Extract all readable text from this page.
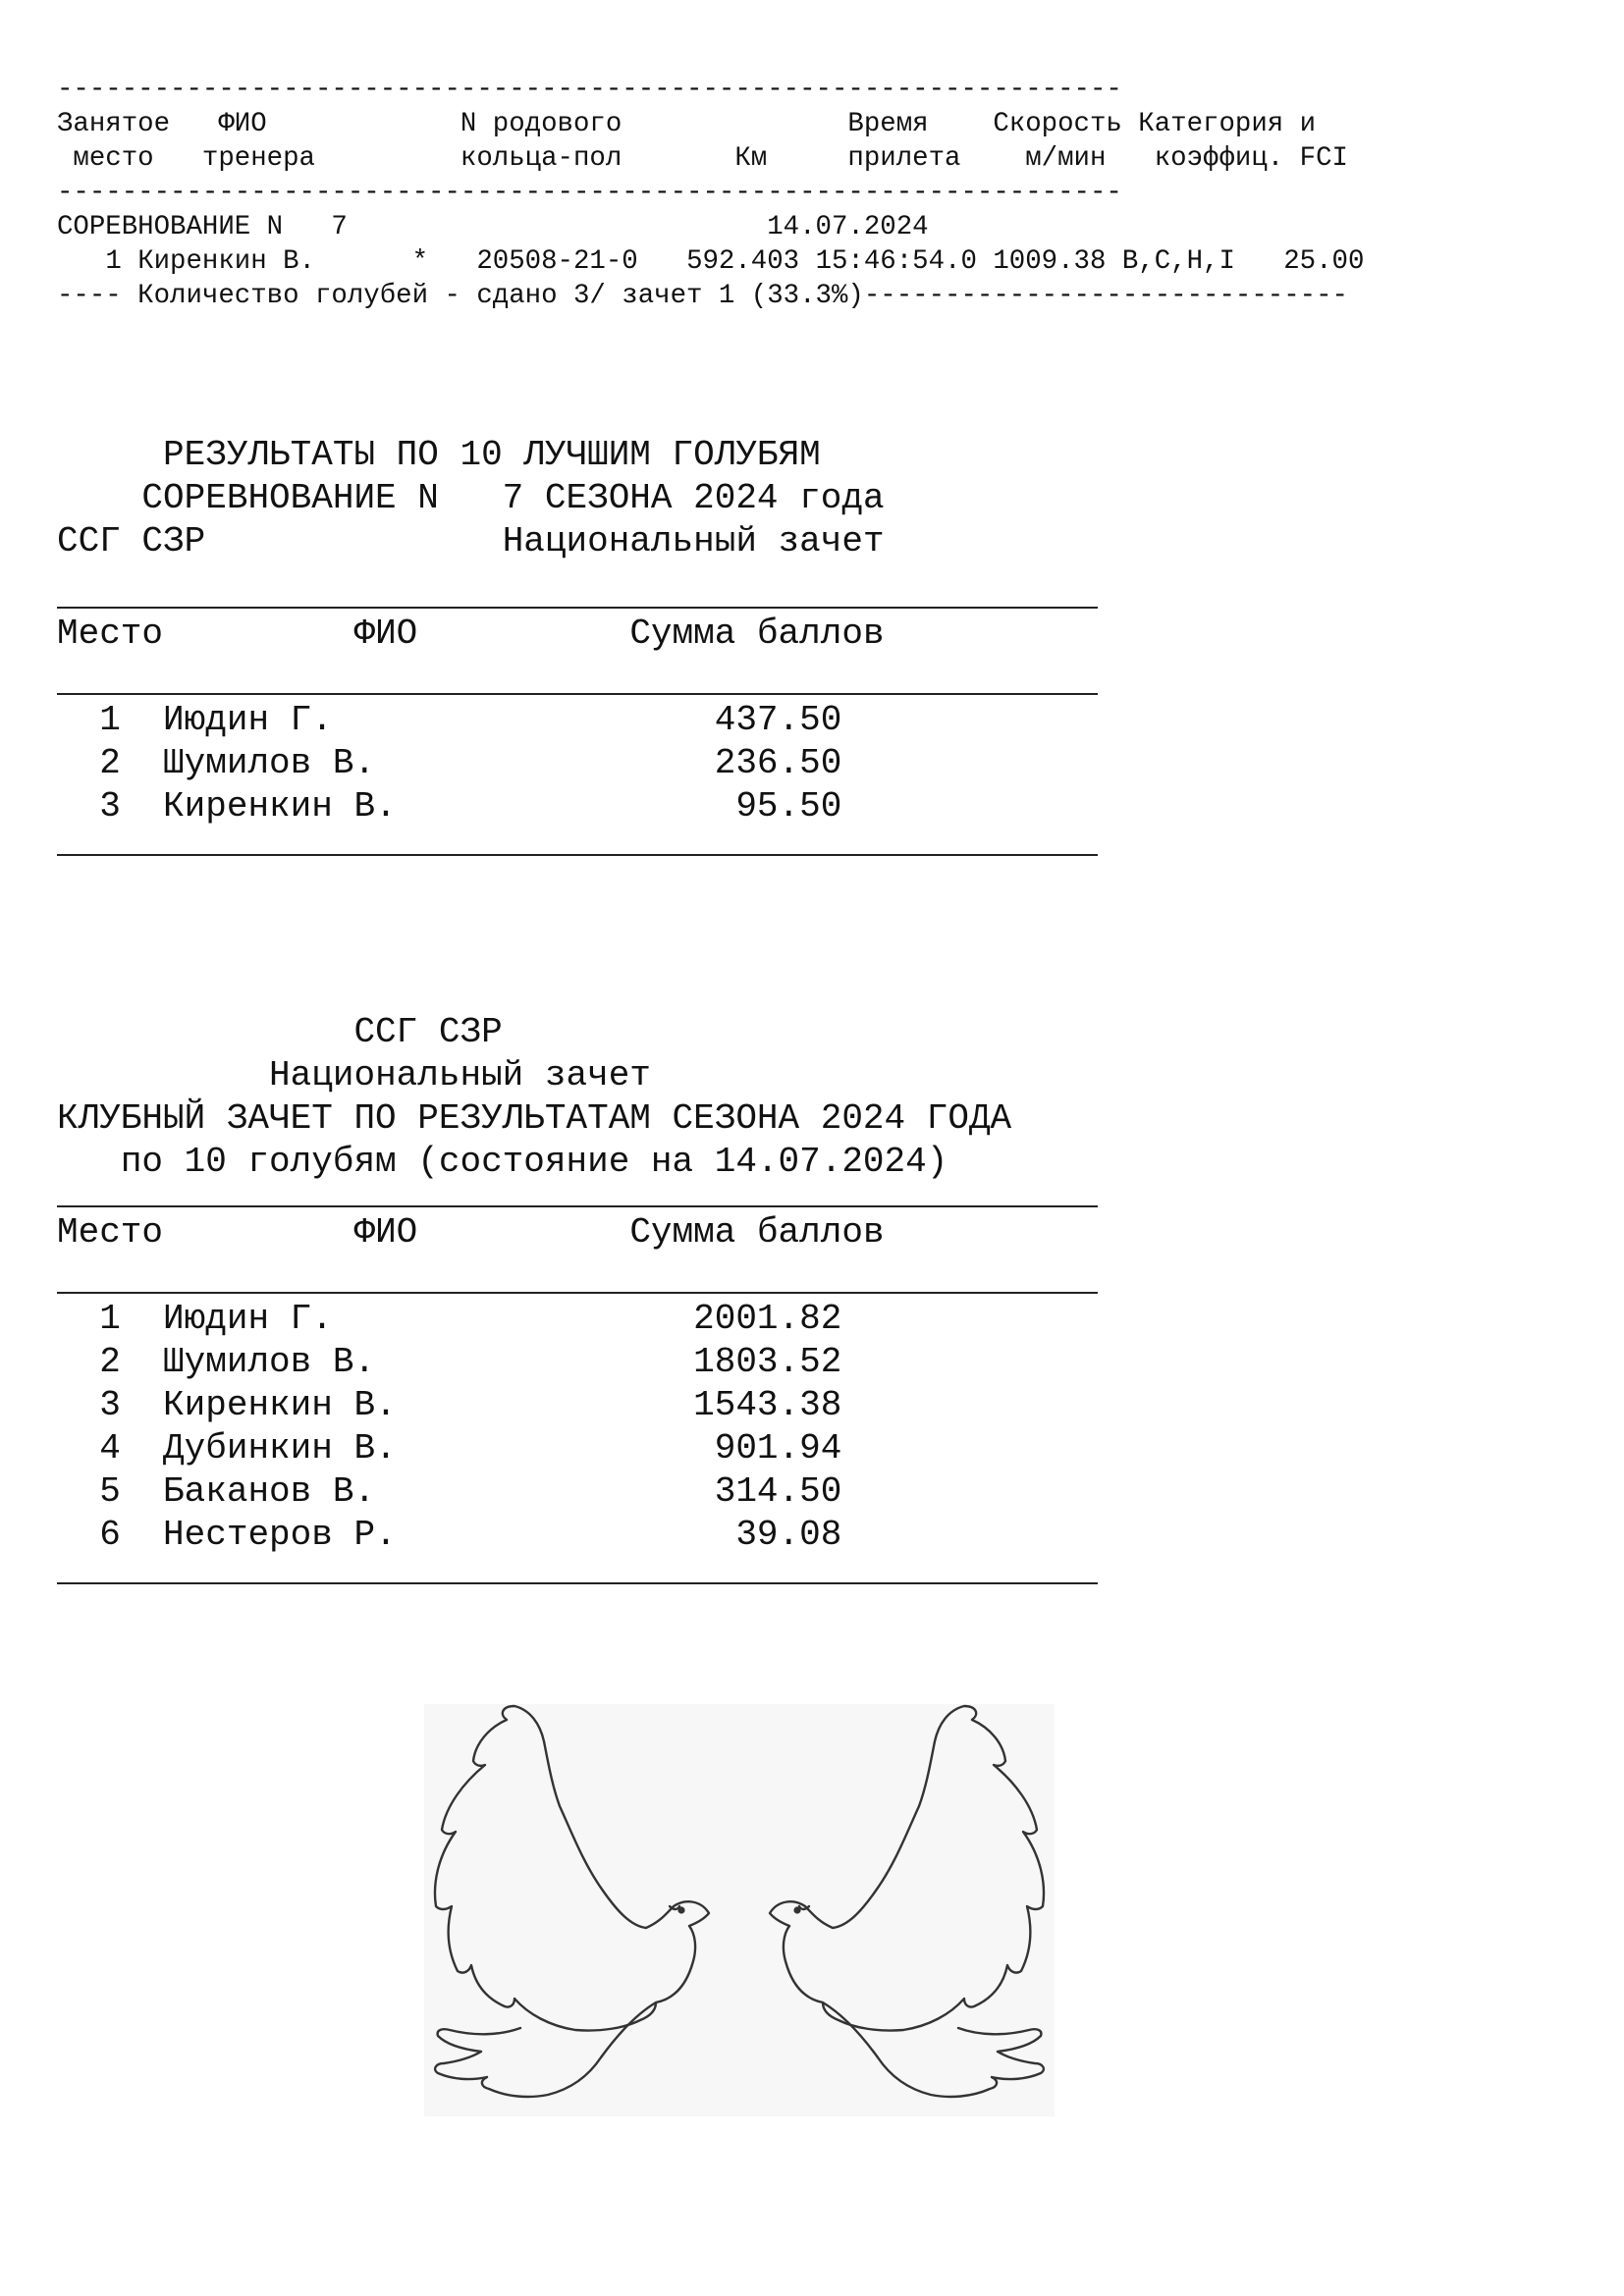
------------------------------------------------------------------
Занятое   ФИО            N родового              Время    Скорость Категория и
место   тренера         кольца-пол       Км     прилета    м/мин   коэффиц. FCI
------------------------------------------------------------------
СОРЕВНОВАНИЕ N   7                          14.07.2024
1 Киренкин В.	* 20508-21-0 592.403 15:46:54.0 1009.38 B,C,H,I 25.00
---- Количество голубей - сдано 3/ зачет 1 (33.3%)------------------------------
РЕЗУЛЬТАТЫ ПО 10 ЛУЧШИМ ГОЛУБЯМ
СОРЕВНОВАНИЕ N   7 СЕЗОНА 2024 года
ССГ СЗР	Национальный зачет
Место	ФИО	Сумма баллов
1  Июдин Г.                  437.50
2  Шумилов В.                236.50
3  Киренкин В.                95.50
ССГ СЗР
Национальный зачет
КЛУБНЫЙ ЗАЧЕТ ПО РЕЗУЛЬТАТАМ СЕЗОНА 2024 ГОДА
по 10 голубям (состояние на 14.07.2024)
Место	ФИО	Сумма баллов
1  Июдин Г.                 2001.82
2  Шумилов В.               1803.52
3  Киренкин В.              1543.38
4  Дубинкин В.               901.94
5  Баканов В.                314.50
6  Нестеров Р.                39.08
